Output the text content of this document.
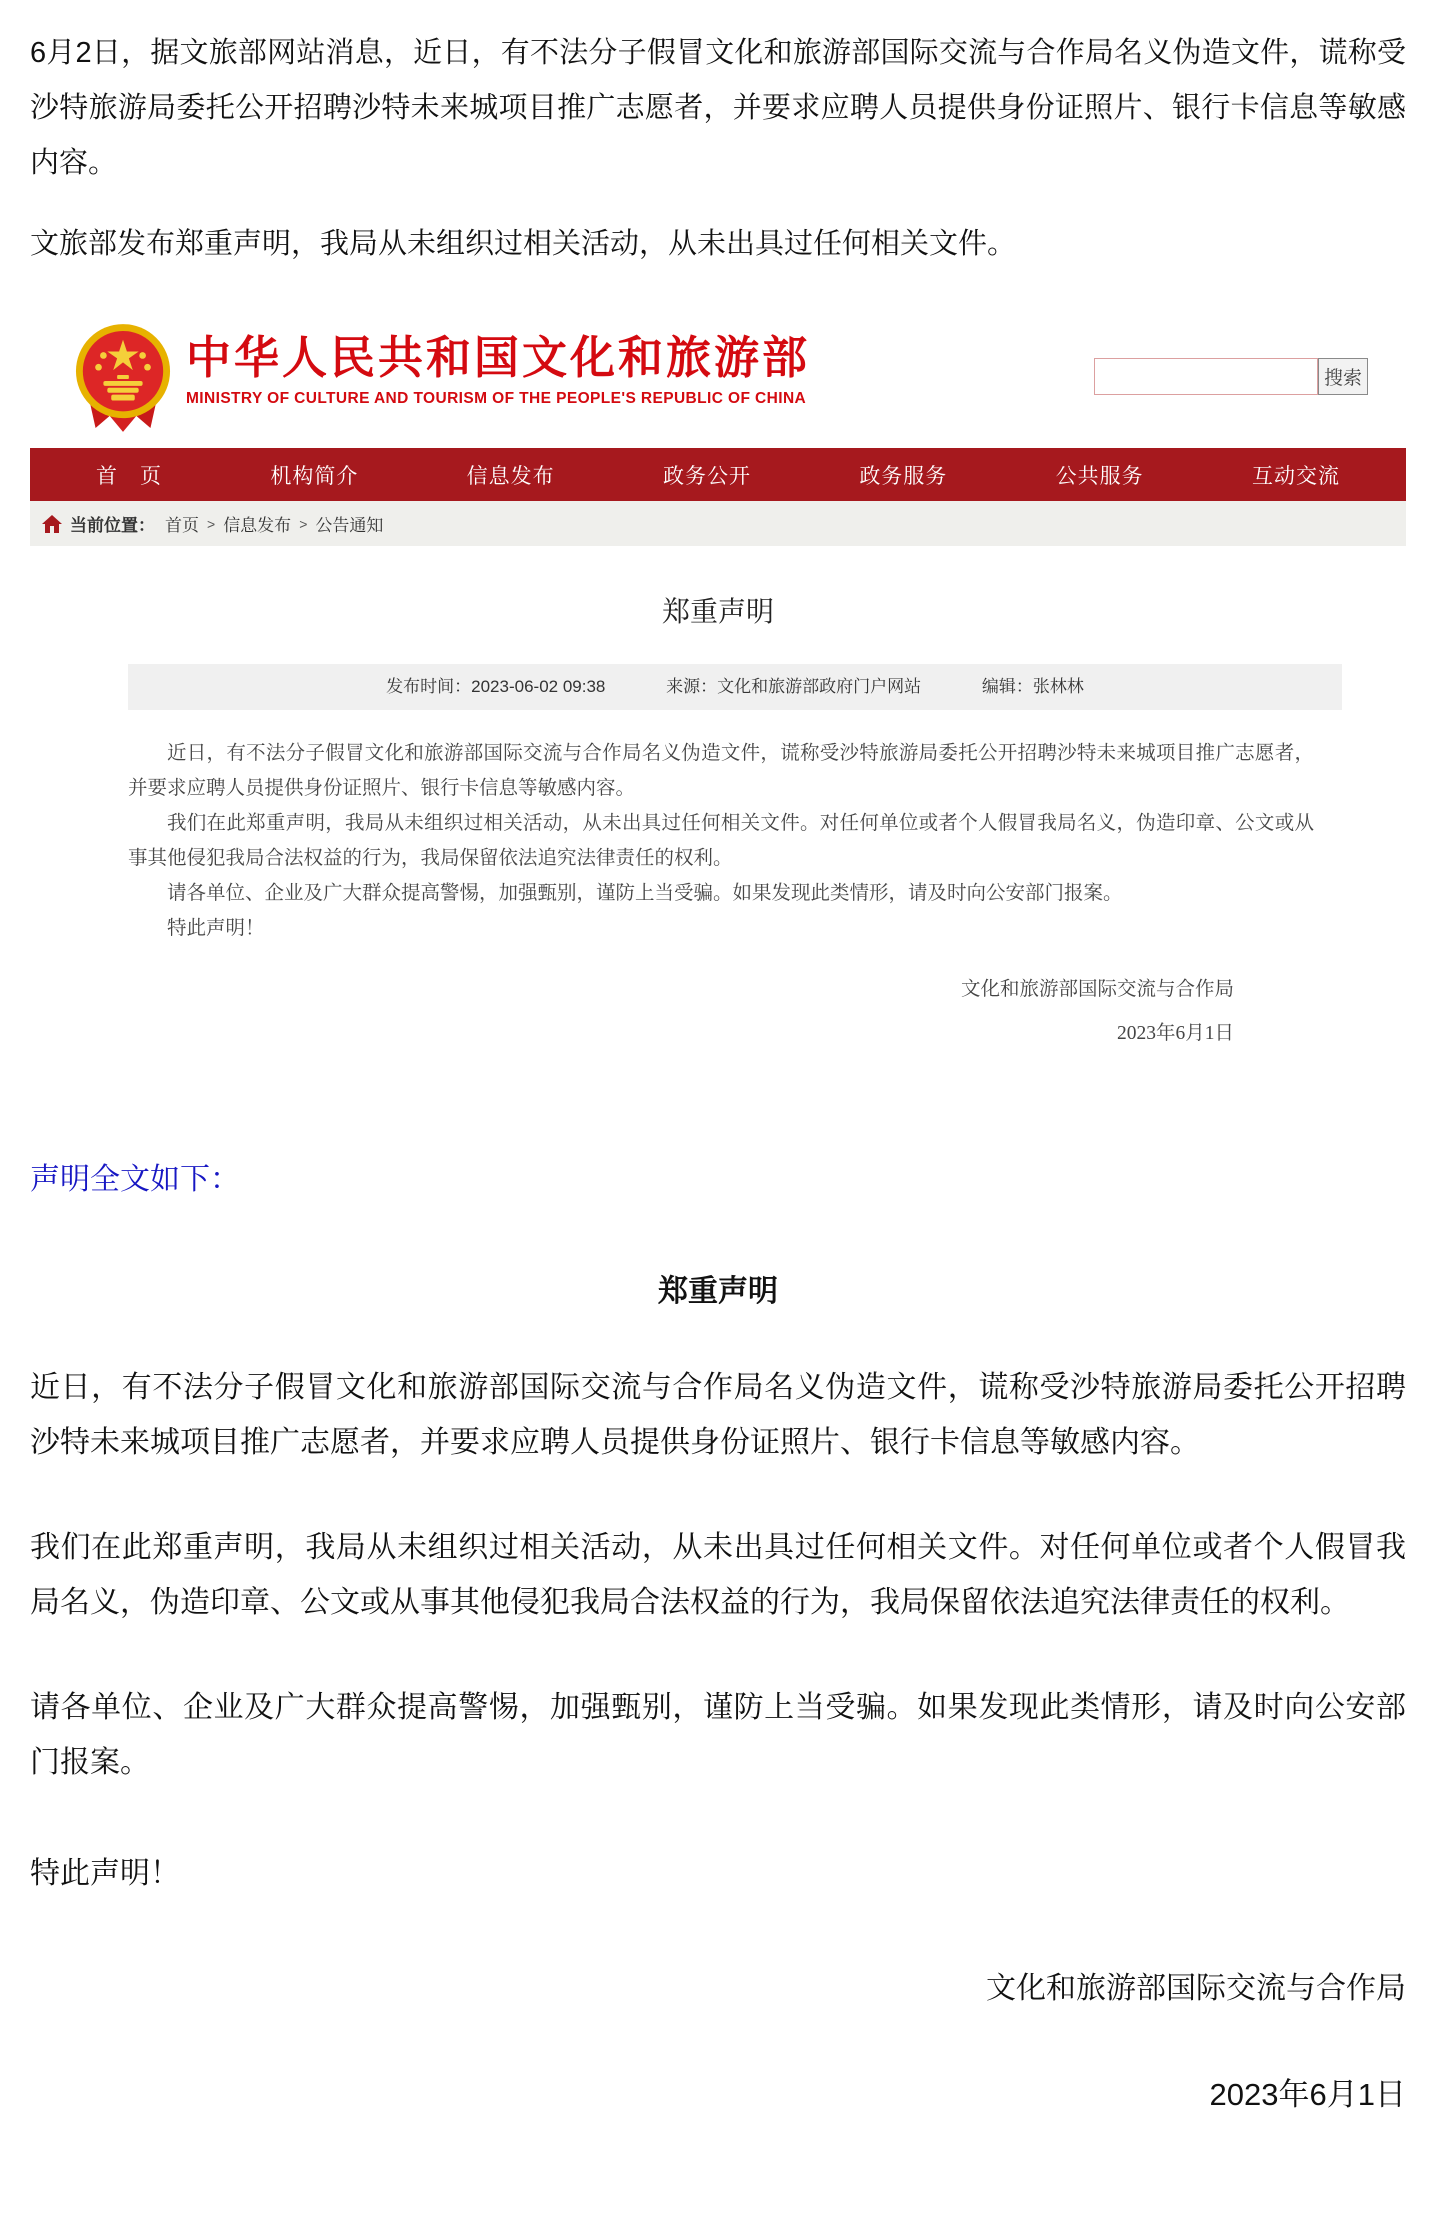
6月2日，据文旅部网站消息，近日，有不法分子假冒文化和旅游部国际交流与合作局名义伪造文件，谎称受沙特旅游局委托公开招聘沙特未来城项目推广志愿者，并要求应聘人员提供身份证照片、银行卡信息等敏感内容。

文旅部发布郑重声明，我局从未组织过相关活动，从未出具过任何相关文件。

中华人民共和国文化和旅游部
MINISTRY OF CULTURE AND TOURISM OF THE PEOPLE'S REPUBLIC OF CHINA
搜索
首　页	机构简介	信息发布	政务公开	政务服务	公共服务	互动交流
当前位置： 首页 > 信息发布 > 公告通知
郑重声明
发布时间：2023-06-02 09:38	来源：文化和旅游部政府门户网站	编辑：张林林

近日，有不法分子假冒文化和旅游部国际交流与合作局名义伪造文件，谎称受沙特旅游局委托公开招聘沙特未来城项目推广志愿者，并要求应聘人员提供身份证照片、银行卡信息等敏感内容。

我们在此郑重声明，我局从未组织过相关活动，从未出具过任何相关文件。对任何单位或者个人假冒我局名义，伪造印章、公文或从事其他侵犯我局合法权益的行为，我局保留依法追究法律责任的权利。

请各单位、企业及广大群众提高警惕，加强甄别，谨防上当受骗。如果发现此类情形，请及时向公安部门报案。

特此声明！

文化和旅游部国际交流与合作局
2023年6月1日
声明全文如下：
郑重声明

近日，有不法分子假冒文化和旅游部国际交流与合作局名义伪造文件，谎称受沙特旅游局委托公开招聘沙特未来城项目推广志愿者，并要求应聘人员提供身份证照片、银行卡信息等敏感内容。

我们在此郑重声明，我局从未组织过相关活动，从未出具过任何相关文件。对任何单位或者个人假冒我局名义，伪造印章、公文或从事其他侵犯我局合法权益的行为，我局保留依法追究法律责任的权利。

请各单位、企业及广大群众提高警惕，加强甄别，谨防上当受骗。如果发现此类情形，请及时向公安部门报案。

特此声明！

文化和旅游部国际交流与合作局
2023年6月1日
